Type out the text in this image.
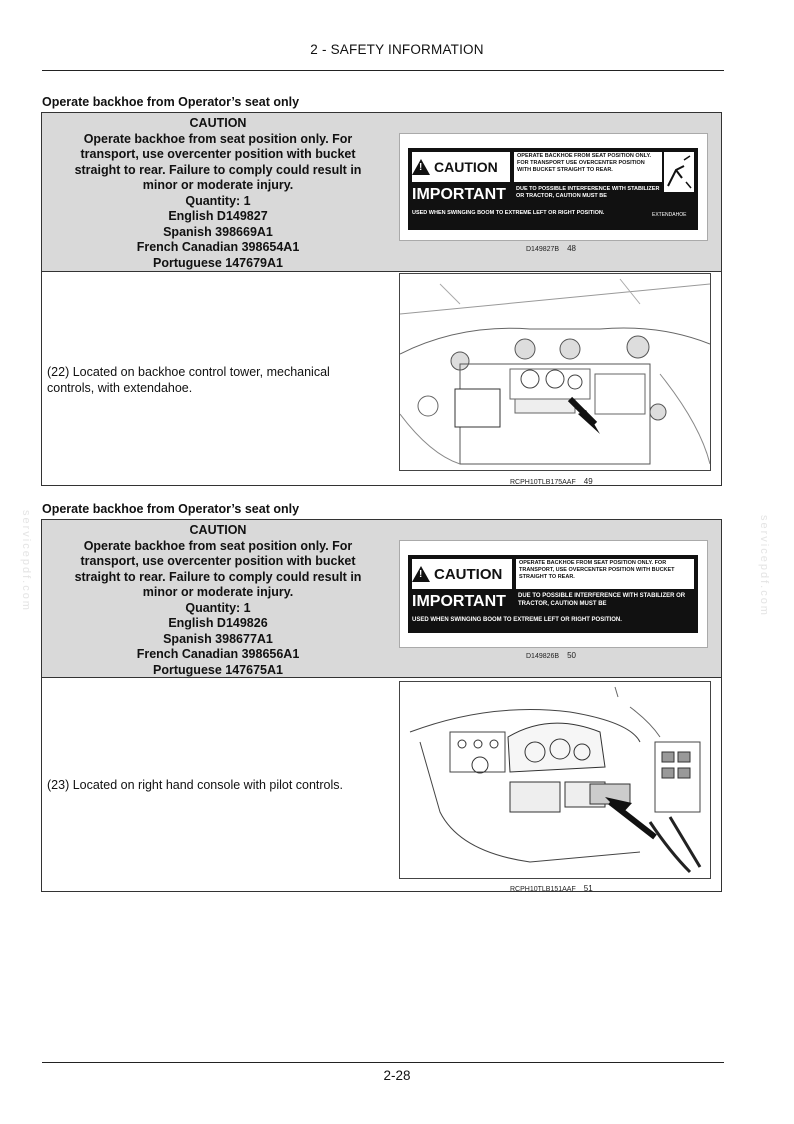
2 - SAFETY INFORMATION
servicepdf.com	servicepdf.com
Operate backhoe from Operator’s seat only
CAUTION
Operate backhoe from seat position only. For
transport, use overcenter position with bucket
straight to rear. Failure to comply could result in
minor or moderate injury.
Quantity: 1
English D149827
Spanish 398669A1
French Canadian 398654A1
Portuguese 147679A1
! CAUTION
OPERATE BACKHOE FROM SEAT POSITION ONLY. FOR TRANSPORT USE OVERCENTER POSITION WITH BUCKET STRAIGHT TO REAR.
IMPORTANT DUE TO POSSIBLE INTERFERENCE WITH STABILIZER OR TRACTOR, CAUTION MUST BE
USED WHEN SWINGING BOOM TO EXTREME LEFT OR RIGHT POSITION.	EXTENDAHOE
D149827B 48
(22) Located on backhoe control tower, mechanical controls, with extendahoe.
RCPH10TLB175AAF 49
Operate backhoe from Operator’s seat only
CAUTION
Operate backhoe from seat position only. For
transport, use overcenter position with bucket
straight to rear. Failure to comply could result in
minor or moderate injury.
Quantity: 1
English D149826
Spanish 398677A1
French Canadian 398656A1
Portuguese 147675A1
! CAUTION
OPERATE BACKHOE FROM SEAT POSITION ONLY. FOR TRANSPORT, USE OVERCENTER POSITION WITH BUCKET STRAIGHT TO REAR.
IMPORTANT DUE TO POSSIBLE INTERFERENCE WITH STABILIZER OR TRACTOR, CAUTION MUST BE
USED WHEN SWINGING BOOM TO EXTREME LEFT OR RIGHT POSITION.
D149826B 50
(23) Located on right hand console with pilot controls.
RCPH10TLB151AAF 51
2-28
